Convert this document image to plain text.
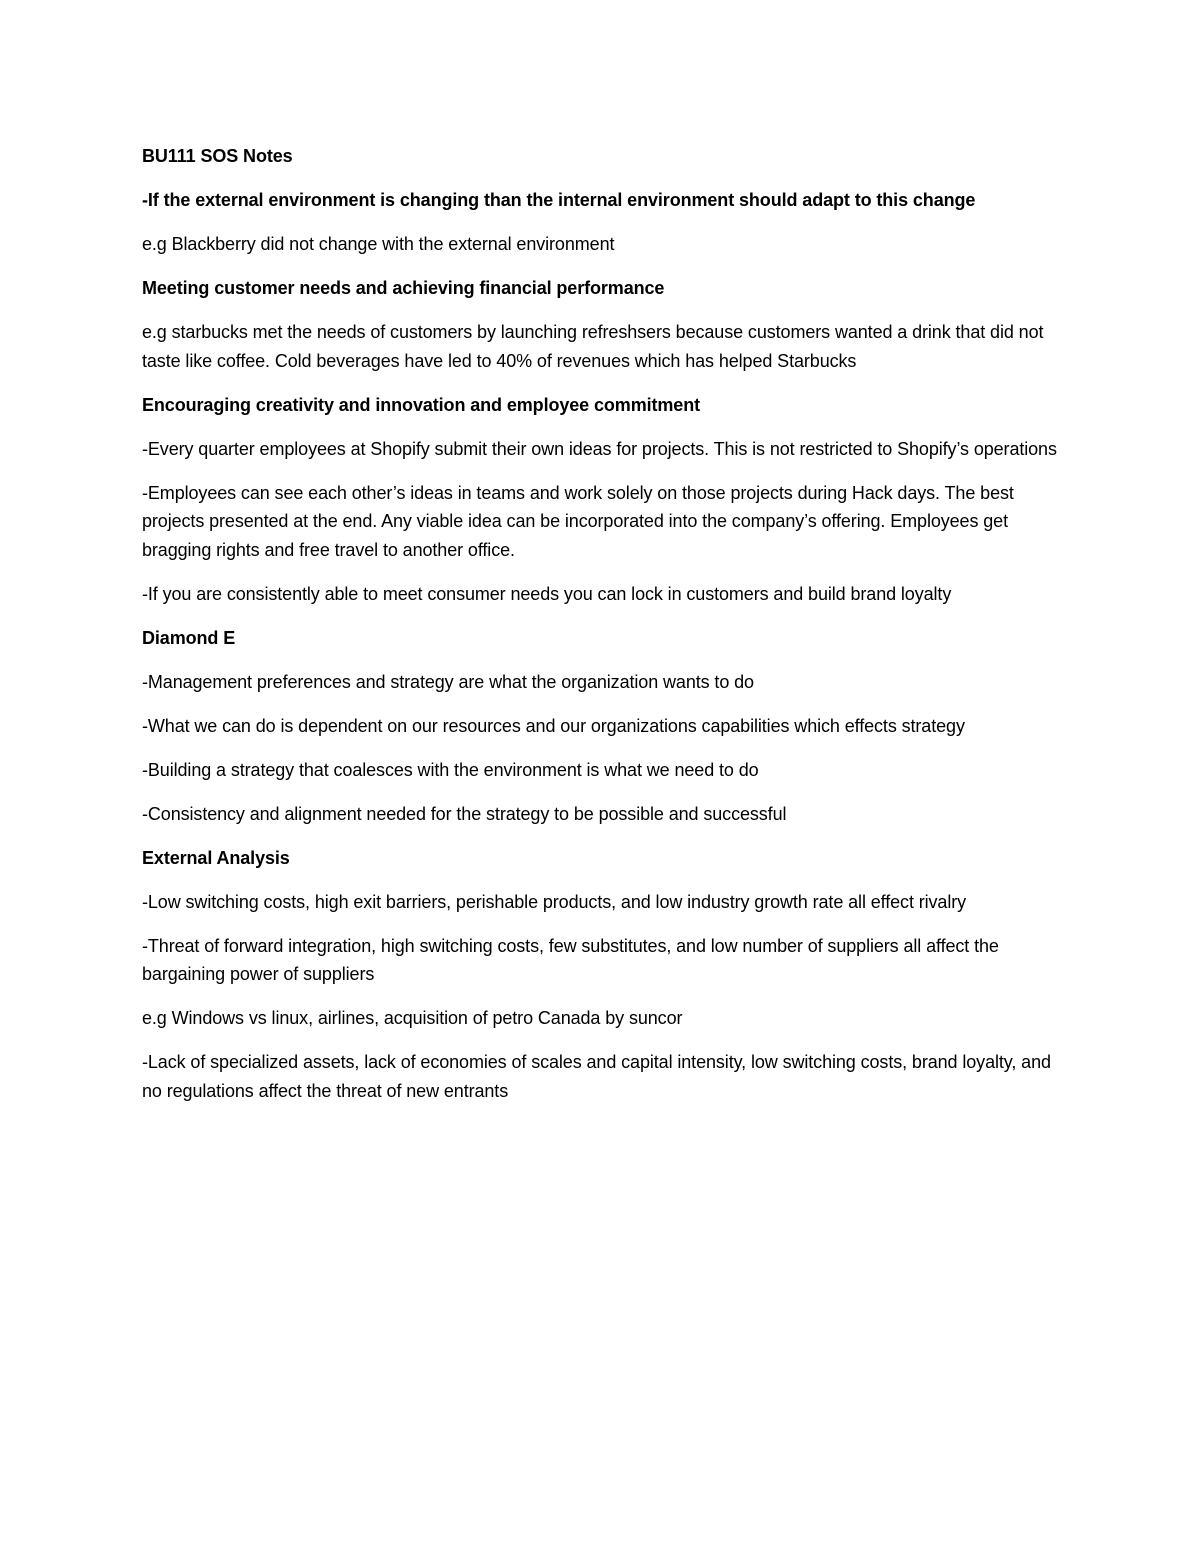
BU111 SOS Notes

-If the external environment is changing than the internal environment should adapt to this change

e.g Blackberry did not change with the external environment

Meeting customer needs and achieving financial performance

e.g starbucks met the needs of customers by launching refreshsers because customers wanted a drink that did not taste like coffee. Cold beverages have led to 40% of revenues which has helped Starbucks

Encouraging creativity and innovation and employee commitment

-Every quarter employees at Shopify submit their own ideas for projects. This is not restricted to Shopify’s operations

-Employees can see each other’s ideas in teams and work solely on those projects during Hack days. The best projects presented at the end. Any viable idea can be incorporated into the company’s offering. Employees get bragging rights and free travel to another office.

-If you are consistently able to meet consumer needs you can lock in customers and build brand loyalty

Diamond E

-Management preferences and strategy are what the organization wants to do

-What we can do is dependent on our resources and our organizations capabilities which effects strategy

-Building a strategy that coalesces with the environment is what we need to do

-Consistency and alignment needed for the strategy to be possible and successful

External Analysis

-Low switching costs, high exit barriers, perishable products, and low industry growth rate all effect rivalry

-Threat of forward integration, high switching costs, few substitutes, and low number of suppliers all affect the bargaining power of suppliers

e.g Windows vs linux, airlines, acquisition of petro Canada by suncor

-Lack of specialized assets, lack of economies of scales and capital intensity, low switching costs, brand loyalty, and no regulations affect the threat of new entrants
